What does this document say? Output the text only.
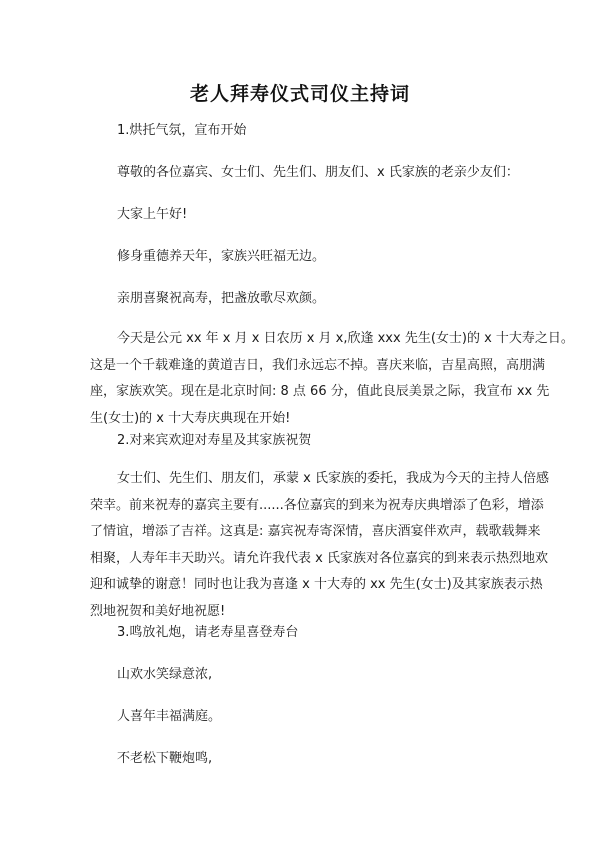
老人拜寿仪式司仪主持词

1.烘托气氛，宣布开始

尊敬的各位嘉宾、女士们、先生们、朋友们、x 氏家族的老亲少友们：

大家上午好!

修身重德养天年，家族兴旺福无边。

亲朋喜聚祝高寿，把盏放歌尽欢颜。

今天是公元 xx 年 x 月 x 日农历 x 月 x,欣逢 xxx 先生(女士)的 x 十大寿之日。
这是一个千载难逢的黄道吉日，我们永远忘不掉。喜庆来临，吉星高照，高朋满
座，家族欢笑。现在是北京时间: 8 点 66 分，值此良辰美景之际，我宣布 xx 先
生(女士)的 x 十大寿庆典现在开始!

2.对来宾欢迎对寿星及其家族祝贺

女士们、先生们、朋友们，承蒙 x 氏家族的委托，我成为今天的主持人倍感
荣幸。前来祝寿的嘉宾主要有......各位嘉宾的到来为祝寿庆典增添了色彩，增添
了情谊，增添了吉祥。这真是: 嘉宾祝寿寄深情，喜庆酒宴伴欢声，载歌载舞来
相聚，人寿年丰天助兴。请允许我代表 x 氏家族对各位嘉宾的到来表示热烈地欢
迎和诚挚的谢意！同时也让我为喜逢 x 十大寿的 xx 先生(女士)及其家族表示热
烈地祝贺和美好地祝愿!

3.鸣放礼炮，请老寿星喜登寿台

山欢水笑绿意浓,

人喜年丰福满庭。

不老松下鞭炮鸣,
